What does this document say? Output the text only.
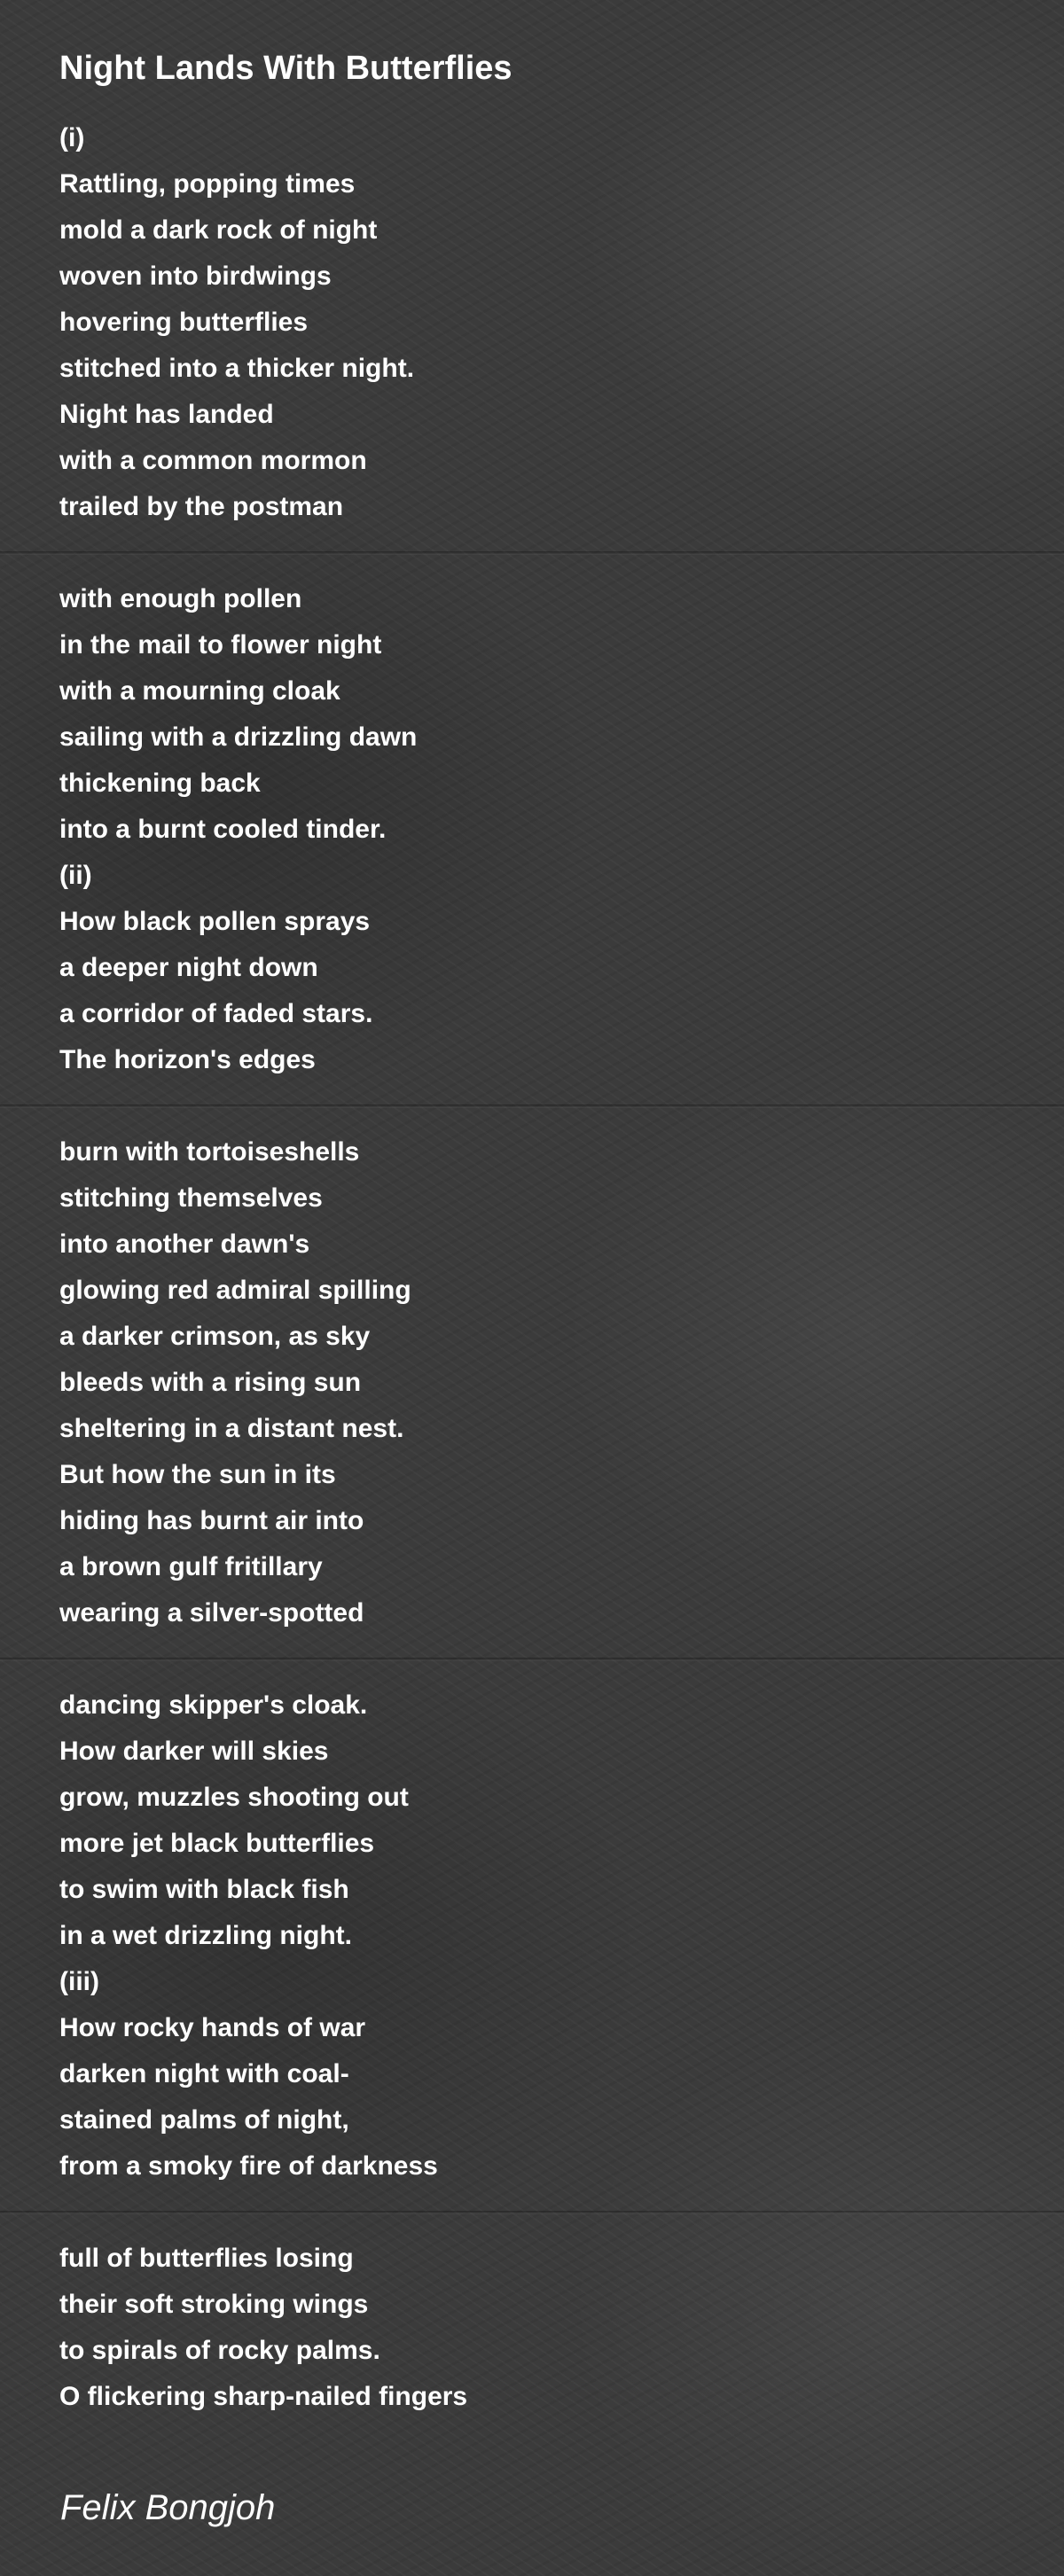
Night Lands With Butterflies
(i)
Rattling, popping times
mold a dark rock of night
woven into birdwings
hovering butterflies
stitched into a thicker night.
Night has landed
with a common mormon
trailed by the postman
with enough pollen
in the mail to flower night
with a mourning cloak
sailing with a drizzling dawn
thickening back
into a burnt cooled tinder.
(ii)
How black pollen sprays
a deeper night down
a corridor of faded stars.
The horizon's edges
burn with tortoiseshells
stitching themselves
into another dawn's
glowing red admiral spilling
a darker crimson, as sky
bleeds with a rising sun
sheltering in a distant nest.
But how the sun in its
hiding has burnt air into
a brown gulf fritillary
wearing a silver-spotted
dancing skipper's cloak.
How darker will skies
grow, muzzles shooting out
more jet black butterflies
to swim with black fish
in a wet drizzling night.
(iii)
How rocky hands of war
darken night with coal-
stained palms of night,
from a smoky fire of darkness
full of butterflies losing
their soft stroking wings
to spirals of rocky palms.
O flickering sharp-nailed fingers
Felix Bongjoh
